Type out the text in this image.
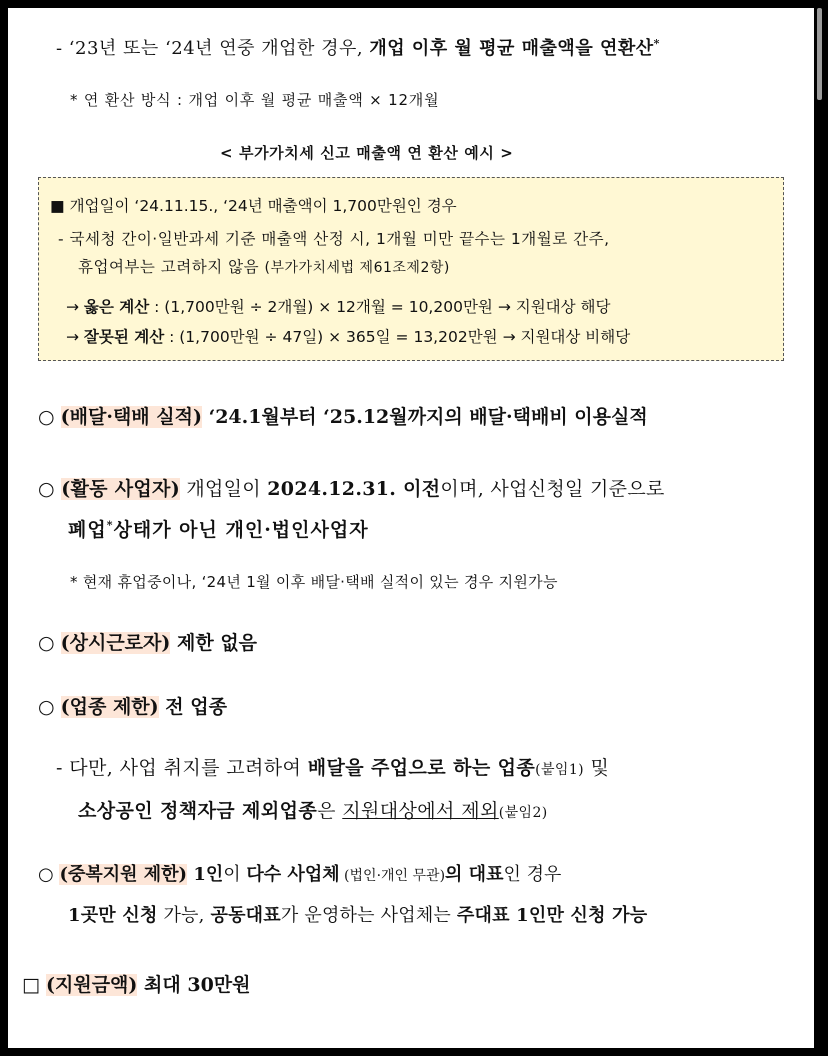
- ‘23년 또는 ‘24년 연중 개업한 경우, 개업 이후 월 평균 매출액을 연환산*
* 연 환산 방식 : 개업 이후 월 평균 매출액 × 12개월
< 부가가치세 신고 매출액 연 환산 예시 >
■ 개업일이 ‘24.11.15., ‘24년 매출액이 1,700만원인 경우
- 국세청 간이·일반과세 기준 매출액 산정 시, 1개월 미만 끝수는 1개월로 간주,
휴업여부는 고려하지 않음 (부가가치세법 제61조제2항)
→ 옳은 계산 : (1,700만원 ÷ 2개월) × 12개월 = 10,200만원 → 지원대상 해당
→ 잘못된 계산 : (1,700만원 ÷ 47일) × 365일 = 13,202만원 → 지원대상 비해당
○ (배달·택배 실적) ‘24.1월부터 ‘25.12월까지의 배달·택배비 이용실적
○ (활동 사업자) 개업일이 2024.12.31. 이전이며, 사업신청일 기준으로
폐업*상태가 아닌 개인·법인사업자
* 현재 휴업중이나, ‘24년 1월 이후 배달·택배 실적이 있는 경우 지원가능
○ (상시근로자) 제한 없음
○ (업종 제한) 전 업종
- 다만, 사업 취지를 고려하여 배달을 주업으로 하는 업종(붙임1) 및
소상공인 정책자금 제외업종은 지원대상에서 제외(붙임2)
○ (중복지원 제한) 1인이 다수 사업체 (법인·개인 무관)의 대표인 경우
1곳만 신청 가능, 공동대표가 운영하는 사업체는 주대표 1인만 신청 가능
□ (지원금액) 최대 30만원
